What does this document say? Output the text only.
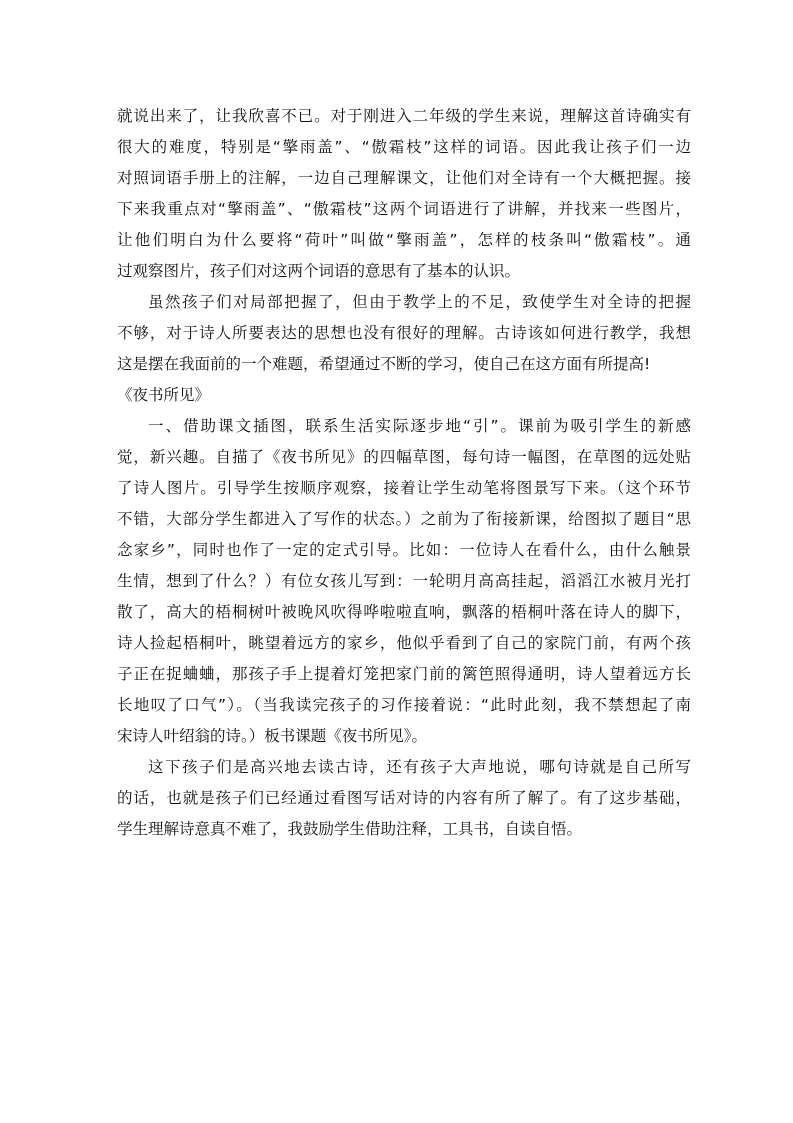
就说出来了，让我欣喜不已。对于刚进入二年级的学生来说，理解这首诗确实有
很大的难度，特别是“擎雨盖”、“傲霜枝”这样的词语。因此我让孩子们一边
对照词语手册上的注解，一边自己理解课文，让他们对全诗有一个大概把握。接
下来我重点对“擎雨盖”、“傲霜枝”这两个词语进行了讲解，并找来一些图片，
让他们明白为什么要将“荷叶”叫做“擎雨盖”，怎样的枝条叫“傲霜枝”。通
过观察图片，孩子们对这两个词语的意思有了基本的认识。
虽然孩子们对局部把握了，但由于教学上的不足，致使学生对全诗的把握
不够，对于诗人所要表达的思想也没有很好的理解。古诗该如何进行教学，我想
这是摆在我面前的一个难题，希望通过不断的学习，使自己在这方面有所提高!
《夜书所见》
一、借助课文插图，联系生活实际逐步地“引”。课前为吸引学生的新感
觉，新兴趣。自描了《夜书所见》的四幅草图，每句诗一幅图，在草图的远处贴
了诗人图片。引导学生按顺序观察，接着让学生动笔将图景写下来。（这个环节
不错，大部分学生都进入了写作的状态。）之前为了衔接新课，给图拟了题目“思
念家乡”，同时也作了一定的定式引导。比如：一位诗人在看什么，由什么触景
生情，想到了什么？）有位女孩儿写到：一轮明月高高挂起，滔滔江水被月光打
散了，高大的梧桐树叶被晚风吹得哗啦啦直响，飘落的梧桐叶落在诗人的脚下，
诗人捡起梧桐叶，眺望着远方的家乡，他似乎看到了自己的家院门前，有两个孩
子正在捉蛐蛐，那孩子手上提着灯笼把家门前的篱笆照得通明，诗人望着远方长
长地叹了口气”）。（当我读完孩子的习作接着说：“此时此刻，我不禁想起了南
宋诗人叶绍翁的诗。）板书课题《夜书所见》。
这下孩子们是高兴地去读古诗，还有孩子大声地说，哪句诗就是自己所写
的话，也就是孩子们已经通过看图写话对诗的内容有所了解了。有了这步基础，
学生理解诗意真不难了，我鼓励学生借助注释，工具书，自读自悟。
